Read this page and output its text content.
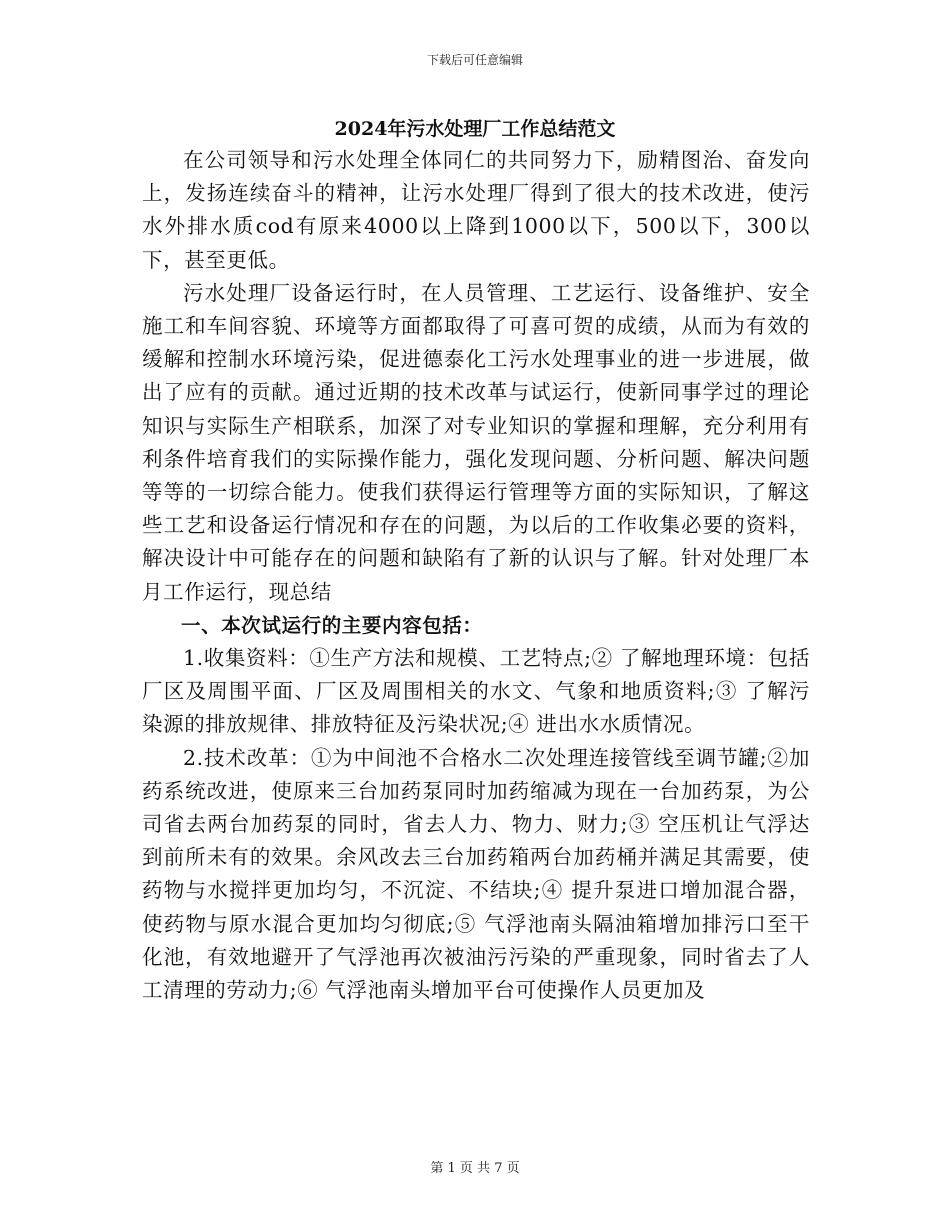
下载后可任意编辑
2024年污水处理厂工作总结范文

在公司领导和污水处理全体同仁的共同努力下，励精图治、奋发向上，发扬连续奋斗的精神，让污水处理厂得到了很大的技术改进，使污水外排水质cod有原来4000以上降到1000以下，500以下，300以下，甚至更低。

污水处理厂设备运行时，在人员管理、工艺运行、设备维护、安全施工和车间容貌、环境等方面都取得了可喜可贺的成绩，从而为有效的缓解和控制水环境污染，促进德泰化工污水处理事业的进一步进展，做出了应有的贡献。通过近期的技术改革与试运行，使新同事学过的理论知识与实际生产相联系，加深了对专业知识的掌握和理解，充分利用有利条件培育我们的实际操作能力，强化发现问题、分析问题、解决问题等等的一切综合能力。使我们获得运行管理等方面的实际知识，了解这些工艺和设备运行情况和存在的问题，为以后的工作收集必要的资料，解决设计中可能存在的问题和缺陷有了新的认识与了解。针对处理厂本月工作运行，现总结

一、本次试运行的主要内容包括：

1.收集资料：①生产方法和规模、工艺特点;② 了解地理环境：包括厂区及周围平面、厂区及周围相关的水文、气象和地质资料;③ 了解污染源的排放规律、排放特征及污染状况;④ 进出水水质情况。

2.技术改革：①为中间池不合格水二次处理连接管线至调节罐;②加药系统改进，使原来三台加药泵同时加药缩减为现在一台加药泵，为公司省去两台加药泵的同时，省去人力、物力、财力;③ 空压机让气浮达到前所未有的效果。余风改去三台加药箱两台加药桶并满足其需要，使药物与水搅拌更加均匀，不沉淀、不结块;④ 提升泵进口增加混合器，使药物与原水混合更加均匀彻底;⑤ 气浮池南头隔油箱增加排污口至干化池，有效地避开了气浮池再次被油污污染的严重现象，同时省去了人工清理的劳动力;⑥ 气浮池南头增加平台可使操作人员更加及

第 1 页 共 7 页
